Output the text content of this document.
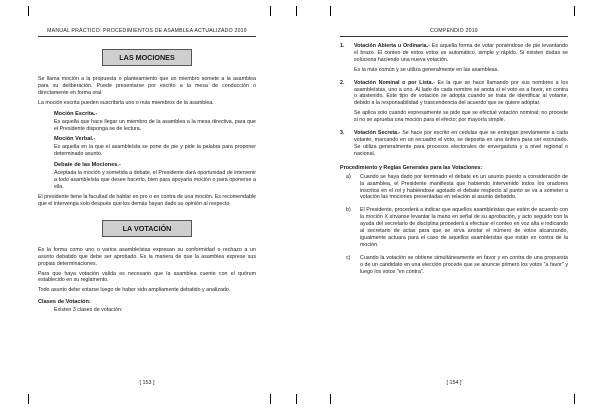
MANUAL PRÁCTICO: PROCEDIMIENTOS DE ASAMBLEA ACTUALIZADO 2019
LAS MOCIONES

Se llama moción a la propuesta o planteamiento que un miembro somete a la asamblea para su deliberación. Puede presentarse por escrito a la mesa de conducción o directamente en forma oral.

La moción escrita pueden suscribirla uno o más miembros de la asamblea.

Moción Escrita.-

Es aquella que hace llegar un miembro de la asamblea a la mesa directiva, para que el Presidente disponga se de lectura.

Moción Verbal.-

Es aquella en la que el asambleísta se pone de pie y pide la palabra para proponer determinado asunto.

Debate de las Mociones.-

Aceptada la moción y sometida a debate, el Presidente dará oportunidad de intervenir a todo asambleísta que desee hacerlo, bien para apoyarla moción o para oponerse a ella.

El presidente tiene la facultad de hablar en pro o en contra de una moción. Es recomendable que el intervenga solo después que los demás hayan dado su opinión al respecto.

LA VOTACIÓN

Es la forma como uno o varios asambleístas expresan su conformidad o rechazo a un asunto debatido que debe ser aprobado. Es la manera de que la asamblea exprese sus propias determinaciones.

Para que haya votación valida es necesario que la asamblea cuente con el quórum establecido en su reglamento.

Todo asunto debe votarse luego de haber sido ampliamente debatido y analizado.

Clases de Votación:

Existen 3 clases de votación:

[ 153 ]
COMPENDIO 2019
1.	Votación Abierta u Ordinaria.- Es aquella forma de votar poniéndose de pie levantando el brazo. El conteo de estos votos es automático, simple y rápido. Si existen dudas se soluciona haciendo una nueva votación.

Es la más común y se utiliza generalmente en las asambleas.

2.	Votación Nominal o por Lista.- Es la que se hace llamando por sus nombres a los asambleístas, uno a uno. Al lado de cada nombre se anota si el voto es a favor, en contra o abstenido. Este tipo de votación se adopta cuando se trata de identificar al votante, debido a la responsabilidad y trascendencia del acuerdo que se quiere adoptar.

Se aplica solo cuando expresamente se pide que se efectué votación nominal; no procede si no se aprueba una moción para el efecto; por mayoría simple.

3.	Votación Secreta.- Se hace por escrito en cedulas que se entregan previamente a cada votante, marcando en un recuadro el voto, se deposita en una ánfora para ser escrutado. Se utiliza generalmente para procesos electorales de envergadura y a nivel regional o nacional.

Procedimiento y Reglas Generales para las Votaciones:
a)	Cuando se haya dado por terminado el debate en un asunto puesto a consideración de la asamblea, el Presidente manifiesta que habiendo intervenido todos los oradores inscritos en el rol y habiéndose agotado el debate respecto al punto se va a someter a votación las mociones presentadas en relación al asunto debatido.

b)	El Presidente, procederá a indicar que aquellos asambleístas que estén de acuerdo con la moción X sírvanse levantar la mano en señal de su aprobación, y acto seguido con la ayuda del secretario de disciplina procederá a efectuar el conteo en voz alta e indicando al secretario de actas para que se sirva anotar el número de votos alcanzando, igualmente actuara para el caso de aquellos asambleístas que están en contra de la moción.

c)	Cuando la votación se obtiene simultáneamente en favor y en contra de una propuesta o de un candidato en una elección procede que se anuncie primero los votos "a favor" y luego los votos "en contra".

[ 154 ]
